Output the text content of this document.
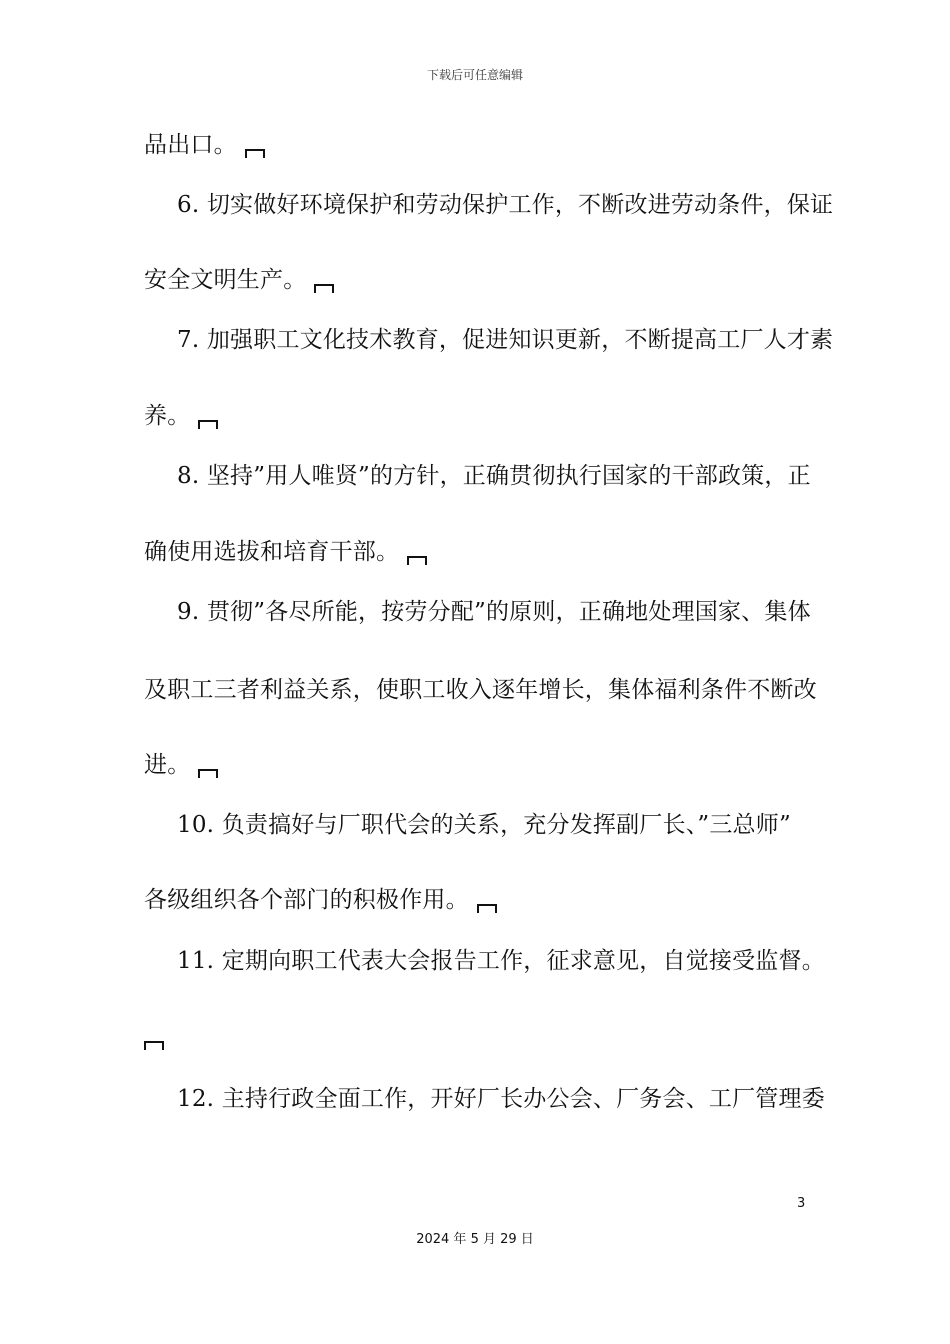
下载后可任意编辑
品出口。
6. 切实做好环境保护和劳动保护工作，不断改进劳动条件，保证
安全文明生产。
7. 加强职工文化技术教育，促进知识更新，不断提高工厂人才素
养。
8. 坚持”用人唯贤”的方针，正确贯彻执行国家的干部政策，正
确使用选拔和培育干部。
9. 贯彻”各尽所能，按劳分配”的原则，正确地处理国家、集体
及职工三者利益关系，使职工收入逐年增长，集体福利条件不断改
进。
10. 负责搞好与厂职代会的关系，充分发挥副厂长、”三总师”
各级组织各个部门的积极作用。
11. 定期向职工代表大会报告工作，征求意见，自觉接受监督。
12. 主持行政全面工作，开好厂长办公会、厂务会、工厂管理委
3
2024 年 5 月 29 日
